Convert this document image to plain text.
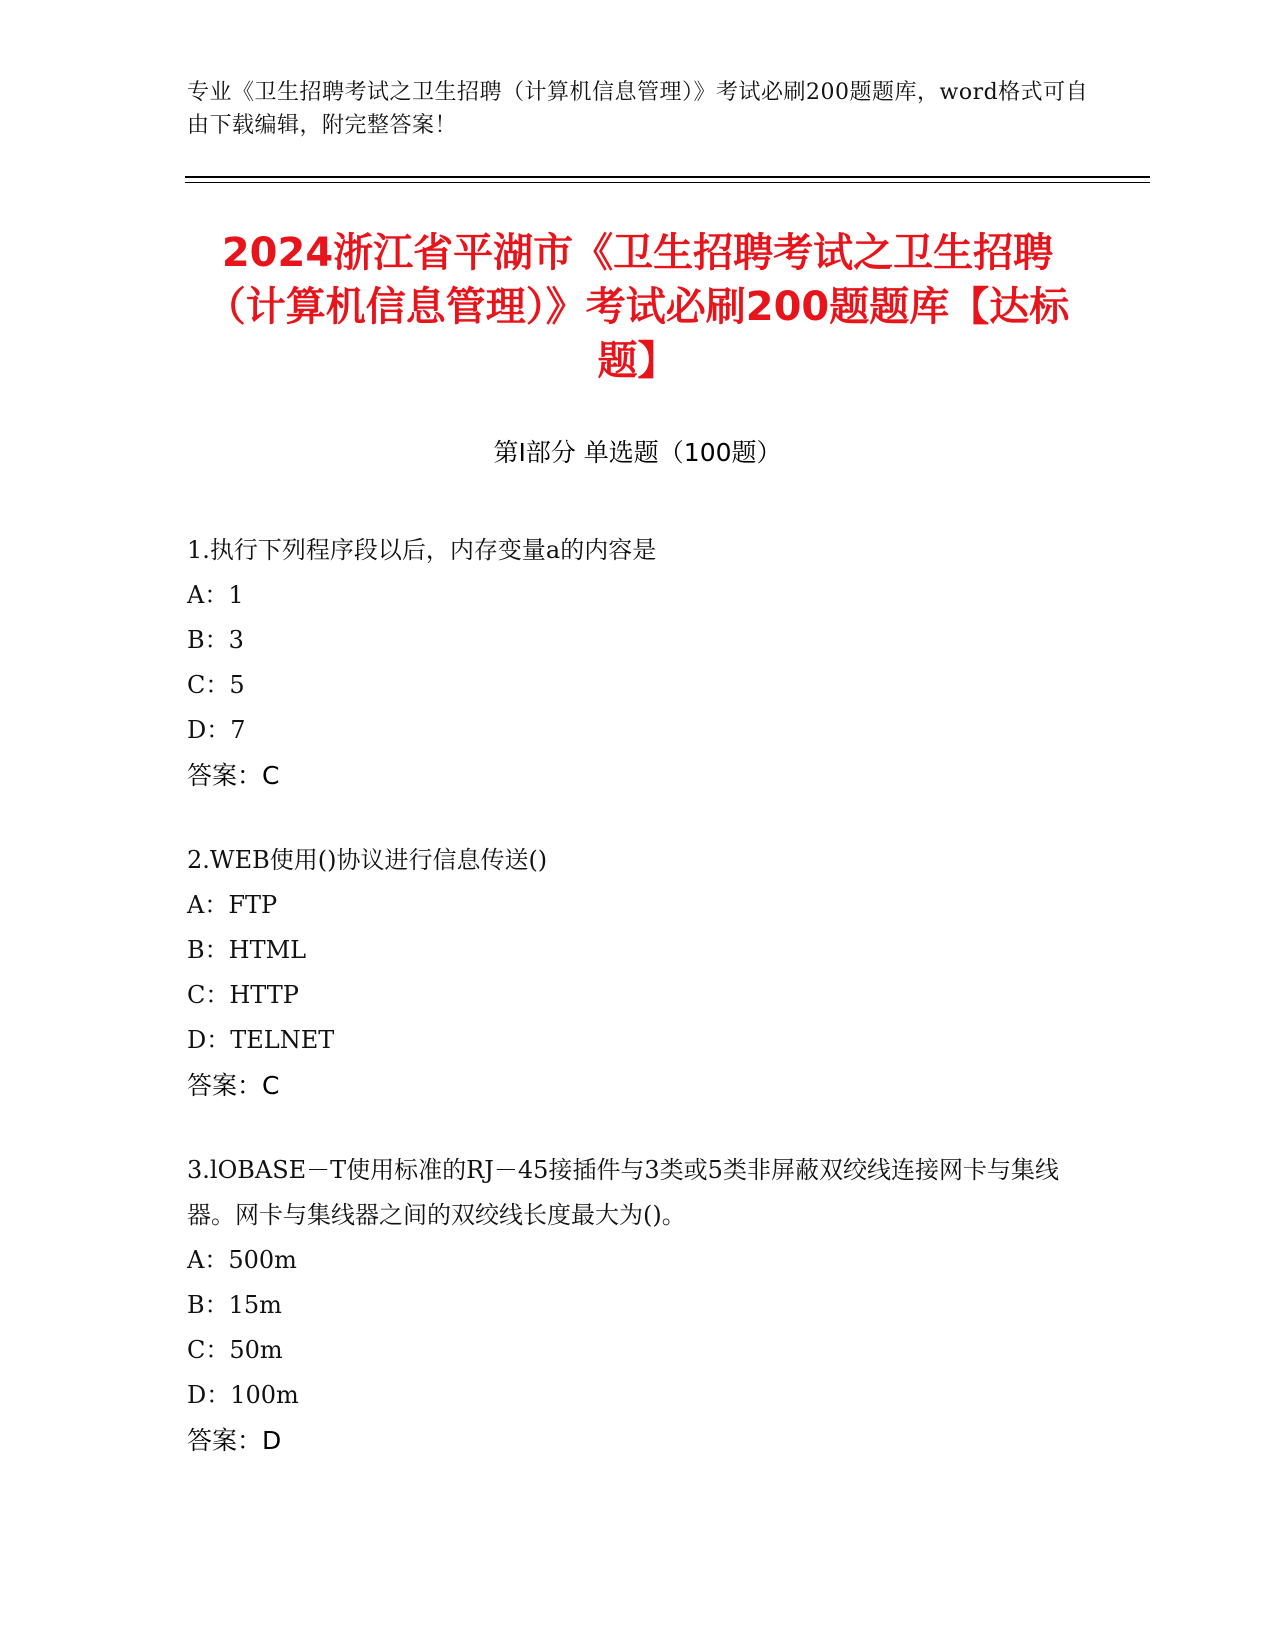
专业《卫生招聘考试之卫生招聘（计算机信息管理）》考试必刷200题题库，word格式可自由下载编辑，附完整答案！
2024浙江省平湖市《卫生招聘考试之卫生招聘（计算机信息管理）》考试必刷200题题库【达标题】
第I部分 单选题（100题）

1.执行下列程序段以后，内存变量a的内容是

A：1

B：3

C：5

D：7

答案：C

2.WEB使用()协议进行信息传送()

A：FTP

B：HTML

C：HTTP

D：TELNET

答案：C

3.lOBASE－T使用标准的RJ－45接插件与3类或5类非屏蔽双绞线连接网卡与集线器。网卡与集线器之间的双绞线长度最大为()。

A：500m

B：15m

C：50m

D：100m

答案：D
